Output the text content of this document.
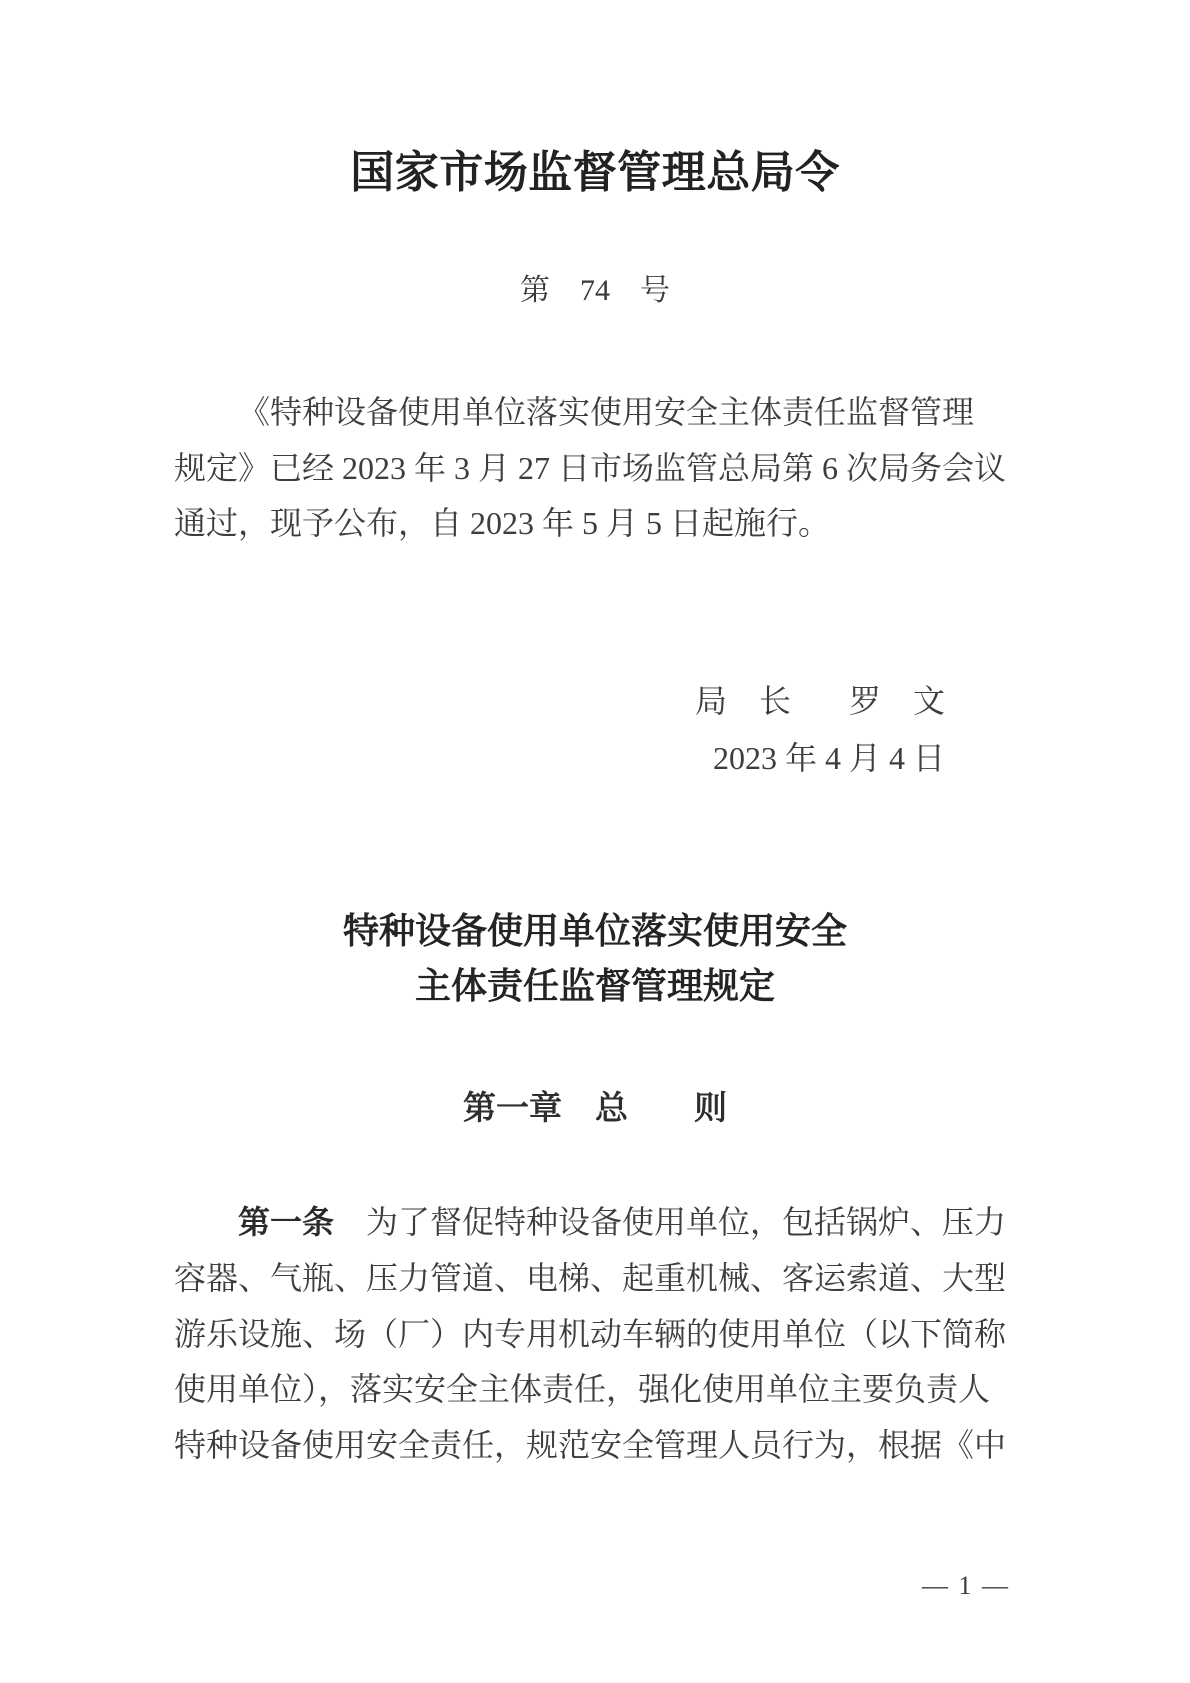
国家市场监督管理总局令
第　74　号
《特种设备使用单位落实使用安全主体责任监督管理
规定》已经 2023 年 3 月 27 日市场监管总局第 6 次局务会议
通过，现予公布，自 2023 年 5 月 5 日起施行。
局　长 罗　文
2023 年 4 月 4 日
特种设备使用单位落实使用安全
主体责任监督管理规定
第一章　总　　则
第一条　为了督促特种设备使用单位，包括锅炉、压力
容器、气瓶、压力管道、电梯、起重机械、客运索道、大型
游乐设施、场（厂）内专用机动车辆的使用单位（以下简称
使用单位），落实安全主体责任，强化使用单位主要负责人
特种设备使用安全责任，规范安全管理人员行为，根据《中
— 1 —
